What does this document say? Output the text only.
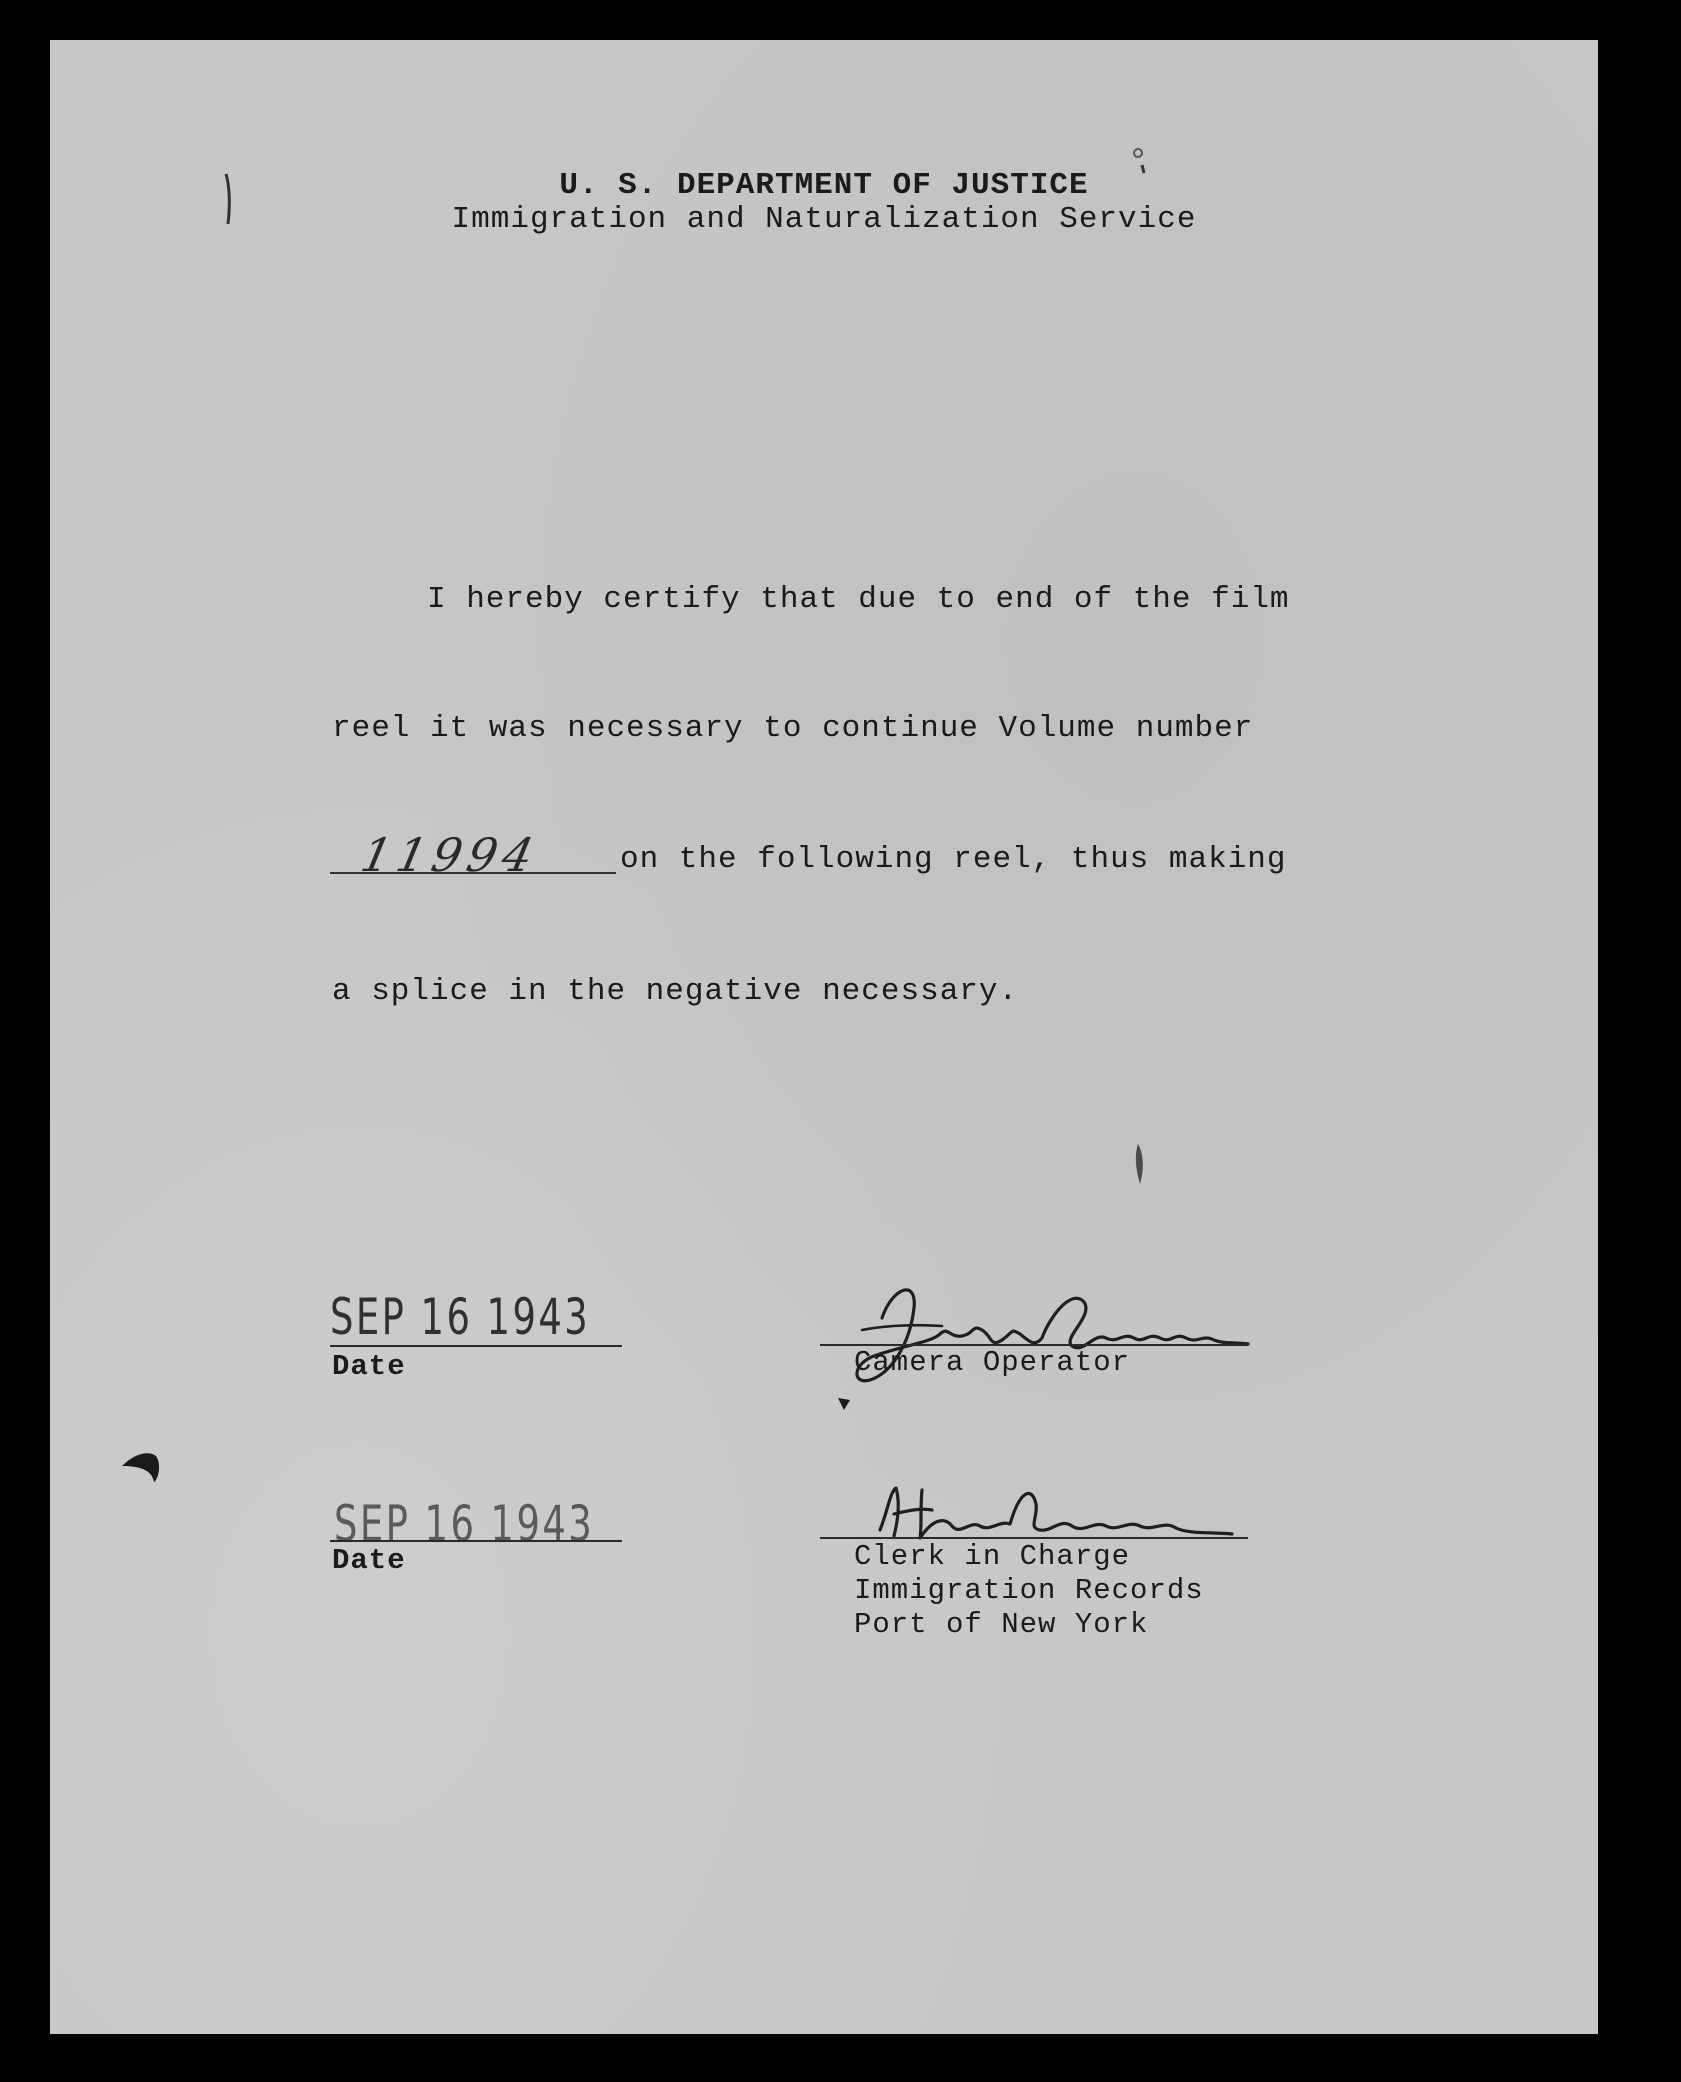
U. S. DEPARTMENT OF JUSTICE
Immigration and Naturalization Service
I hereby certify that due to end of the film
reel it was necessary to continue Volume number
11994 on the following reel, thus making
a splice in the negative necessary.
SEP 16 1943
Date	Camera Operator
SEP 16 1943
Date	Clerk in Charge
Immigration Records
Port of New York
